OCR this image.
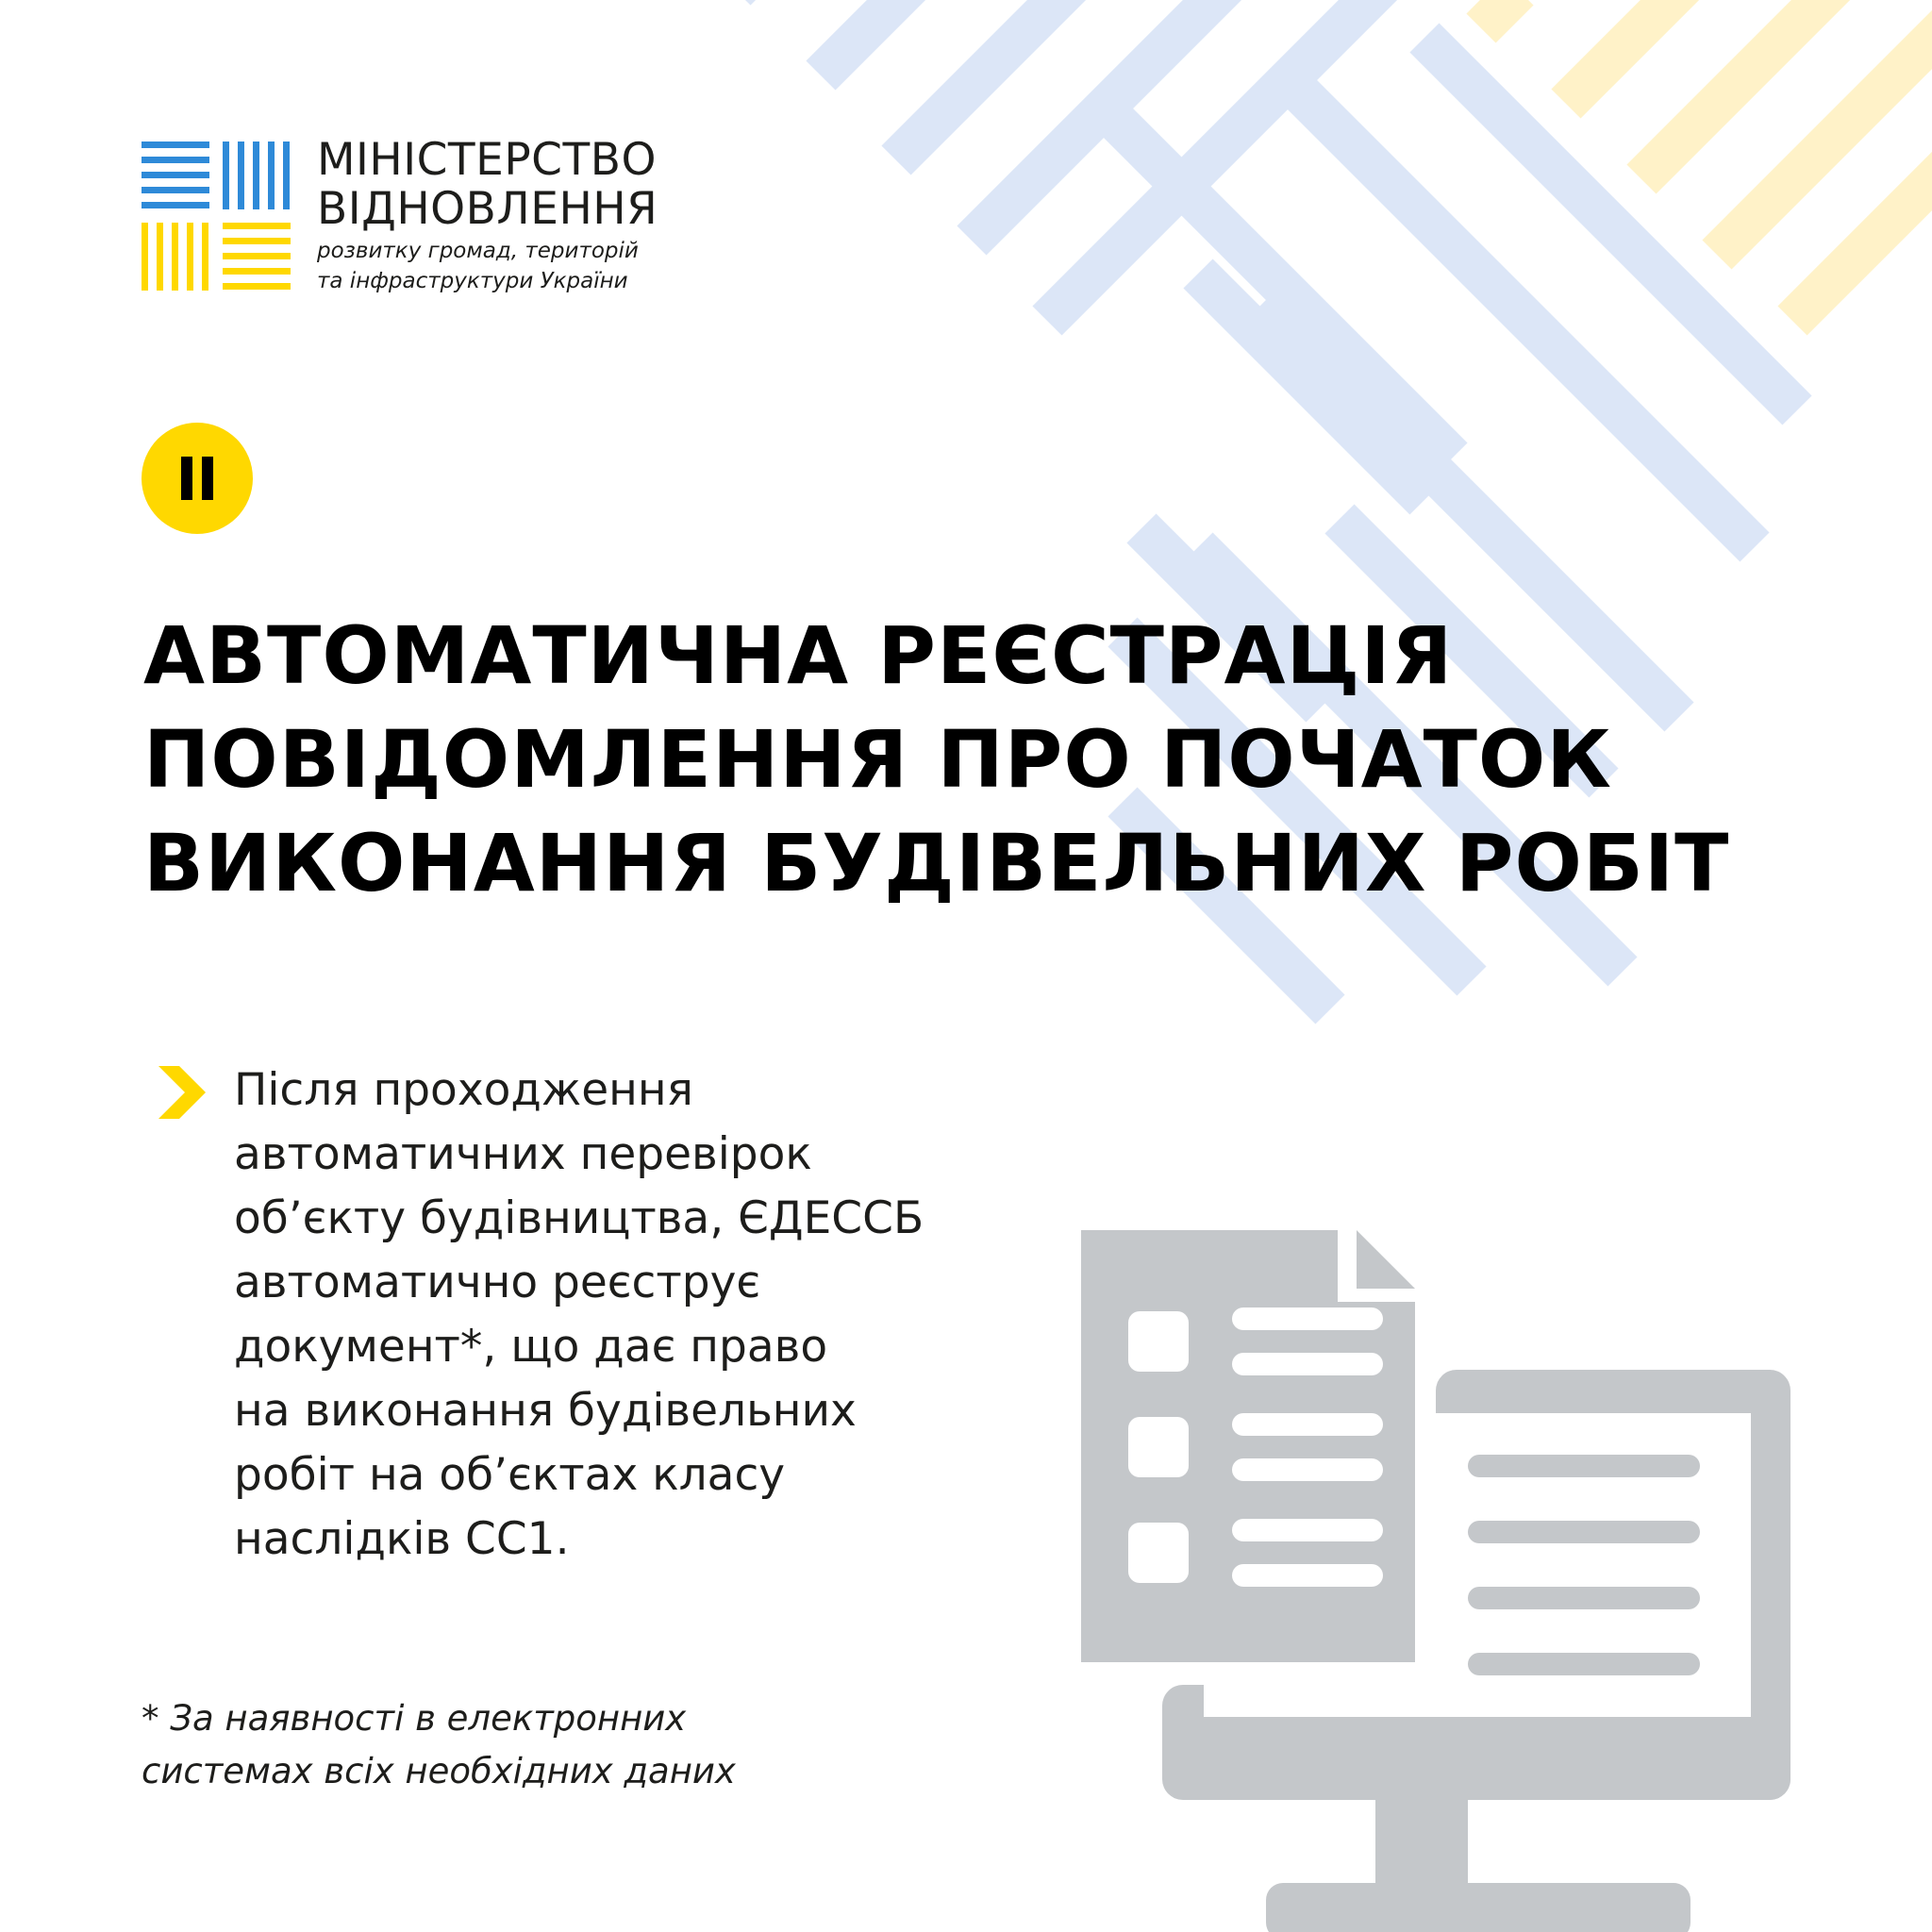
МІНІСТЕРСТВО
ВІДНОВЛЕННЯ
розвитку громад, територій
та інфраструктури України
АВТОМАТИЧНА РЕЄСТРАЦІЯ
ПОВІДОМЛЕННЯ ПРО ПОЧАТОК
ВИКОНАННЯ БУДІВЕЛЬНИХ РОБІТ
Після проходження
автоматичних перевірок
об’єкту будівництва, ЄДЕССБ
автоматично реєструє
документ*, що дає право
на виконання будівельних
робіт на об’єктах класу
наслідків СС1.
* За наявності в електронних
системах всіх необхідних даних
